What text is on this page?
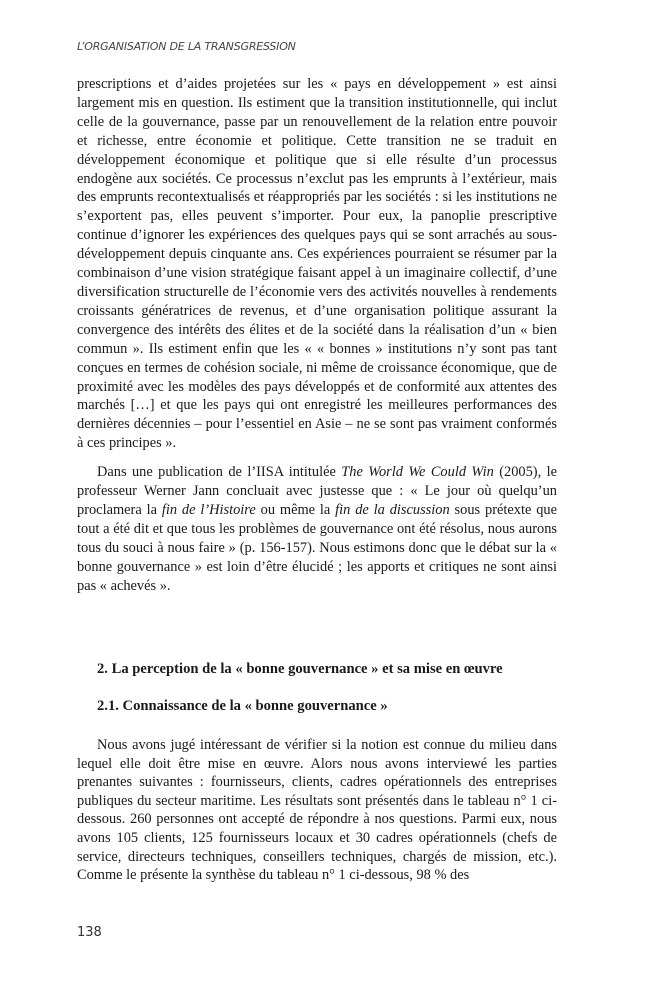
L’ORGANISATION DE LA TRANSGRESSION

prescriptions et d’aides projetées sur les « pays en développement » est ainsi largement mis en question. Ils estiment que la transition institutionnelle, qui inclut celle de la gouvernance, passe par un renouvellement de la relation entre pouvoir et richesse, entre économie et politique. Cette transition ne se traduit en développement économique et politique que si elle résulte d’un processus endogène aux sociétés. Ce processus n’exclut pas les emprunts à l’extérieur, mais des emprunts recontextualisés et réappropriés par les sociétés : si les institutions ne s’exportent pas, elles peuvent s’importer. Pour eux, la panoplie prescriptive continue d’ignorer les expériences des quelques pays qui se sont arrachés au sous-développement depuis cinquante ans. Ces expériences pourraient se résumer par la combinaison d’une vision stratégique faisant appel à un imaginaire collectif, d’une diversification structurelle de l’économie vers des activités nouvelles à rendements croissants génératrices de revenus, et d’une organisation politique assurant la convergence des intérêts des élites et de la société dans la réalisation d’un « bien commun ». Ils estiment enfin que les « « bonnes » institutions n’y sont pas tant conçues en termes de cohésion sociale, ni même de croissance économique, que de proximité avec les modèles des pays développés et de conformité aux attentes des marchés […] et que les pays qui ont enregistré les meilleures performances des dernières décennies – pour l’essentiel en Asie – ne se sont pas vraiment conformés à ces principes ».

Dans une publication de l’IISA intitulée The World We Could Win (2005), le professeur Werner Jann concluait avec justesse que : « Le jour où quelqu’un proclamera la fin de l’Histoire ou même la fin de la discussion sous prétexte que tout a été dit et que tous les problèmes de gouvernance ont été résolus, nous aurons tous du souci à nous faire » (p. 156-157). Nous estimons donc que le débat sur la « bonne gouvernance » est loin d’être élucidé ; les apports et critiques ne sont ainsi pas « achevés ».

2. La perception de la « bonne gouvernance » et sa mise en œuvre
2.1. Connaissance de la « bonne gouvernance »

Nous avons jugé intéressant de vérifier si la notion est connue du milieu dans lequel elle doit être mise en œuvre. Alors nous avons interviewé les parties prenantes suivantes : fournisseurs, clients, cadres opérationnels des entreprises publiques du secteur maritime. Les résultats sont présentés dans le tableau n° 1 ci-dessous. 260 personnes ont accepté de répondre à nos questions. Parmi eux, nous avons 105 clients, 125 fournisseurs locaux et 30 cadres opérationnels (chefs de service, directeurs techniques, conseillers techniques, chargés de mission, etc.). Comme le présente la synthèse du tableau n° 1 ci-dessous, 98 % des

138
